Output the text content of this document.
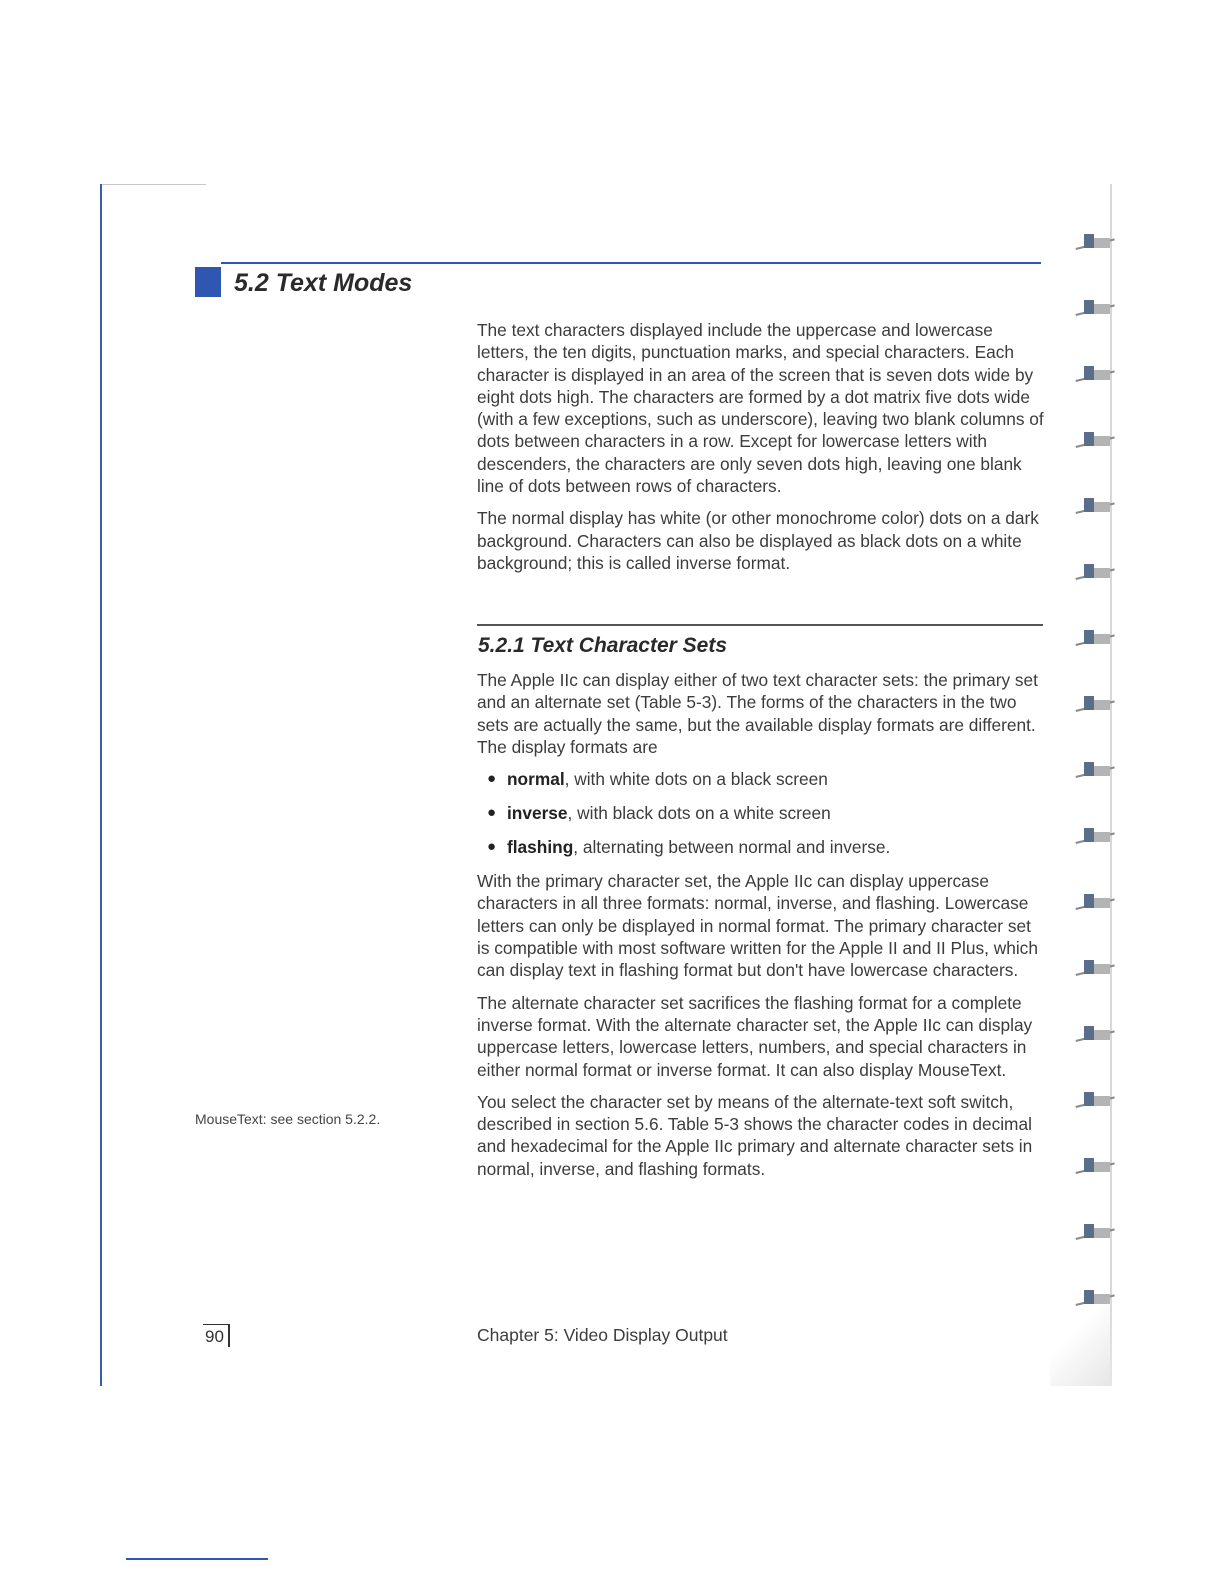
5.2 Text Modes

The text characters displayed include the uppercase and lowercase letters, the ten digits, punctuation marks, and special characters. Each character is displayed in an area of the screen that is seven dots wide by eight dots high. The characters are formed by a dot matrix five dots wide (with a few exceptions, such as underscore), leaving two blank columns of dots between characters in a row. Except for lowercase letters with descenders, the characters are only seven dots high, leaving one blank line of dots between rows of characters.

The normal display has white (or other monochrome color) dots on a dark background. Characters can also be displayed as black dots on a white background; this is called inverse format.

5.2.1 Text Character Sets

The Apple IIc can display either of two text character sets: the primary set and an alternate set (Table 5-3). The forms of the characters in the two sets are actually the same, but the available display formats are different. The display formats are

● normal, with white dots on a black screen
● inverse, with black dots on a white screen
● flashing, alternating between normal and inverse.

With the primary character set, the Apple IIc can display uppercase characters in all three formats: normal, inverse, and flashing. Lowercase letters can only be displayed in normal format. The primary character set is compatible with most software written for the Apple II and II Plus, which can display text in flashing format but don't have lowercase characters.

The alternate character set sacrifices the flashing format for a complete inverse format. With the alternate character set, the Apple IIc can display uppercase letters, lowercase letters, numbers, and special characters in either normal format or inverse format. It can also display MouseText.

You select the character set by means of the alternate-text soft switch, described in section 5.6. Table 5-3 shows the character codes in decimal and hexadecimal for the Apple IIc primary and alternate character sets in normal, inverse, and flashing formats.

MouseText: see section 5.2.2.
90	Chapter 5: Video Display Output
